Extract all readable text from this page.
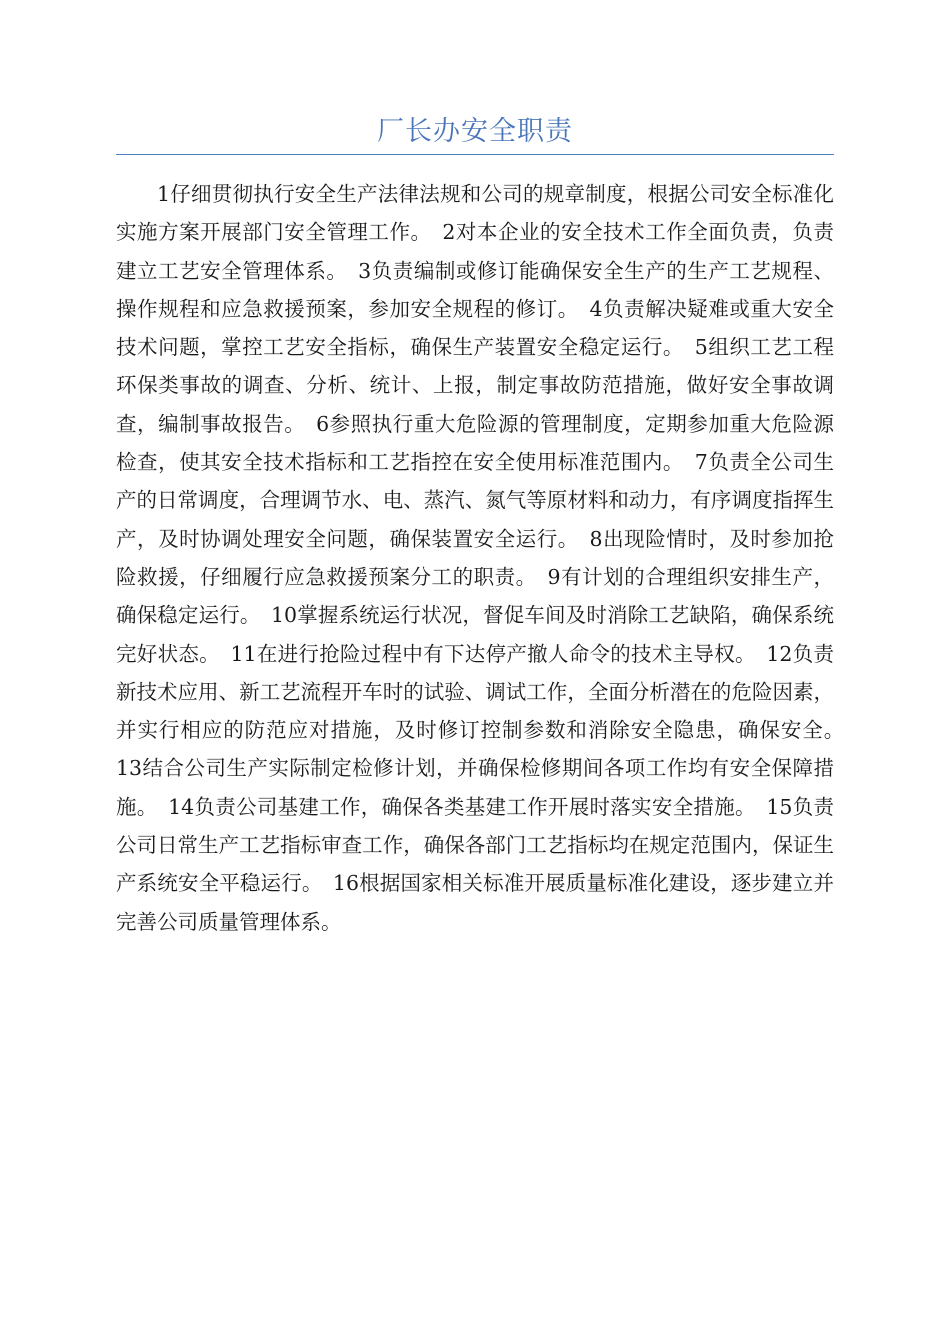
厂长办安全职责

1仔细贯彻执行安全生产法律法规和公司的规章制度，根据公司安全标准化实施方案开展部门安全管理工作。　2对本企业的安全技术工作全面负责，负责建立工艺安全管理体系。　3负责编制或修订能确保安全生产的生产工艺规程、操作规程和应急救援预案，参加安全规程的修订。　4负责解决疑难或重大安全技术问题，掌控工艺安全指标，确保生产装置安全稳定运行。　5组织工艺工程环保类事故的调查、分析、统计、上报，制定事故防范措施，做好安全事故调查，编制事故报告。　6参照执行重大危险源的管理制度，定期参加重大危险源检查，使其安全技术指标和工艺指控在安全使用标准范围内。　7负责全公司生产的日常调度，合理调节水、电、蒸汽、氮气等原材料和动力，有序调度指挥生产，及时协调处理安全问题，确保装置安全运行。　8出现险情时，及时参加抢险救援，仔细履行应急救援预案分工的职责。　9有计划的合理组织安排生产，确保稳定运行。　10掌握系统运行状况，督促车间及时消除工艺缺陷，确保系统完好状态。　11在进行抢险过程中有下达停产撤人命令的技术主导权。　12负责新技术应用、新工艺流程开车时的试验、调试工作，全面分析潜在的危险因素，并实行相应的防范应对措施，及时修订控制参数和消除安全隐患，确保安全。　13结合公司生产实际制定检修计划，并确保检修期间各项工作均有安全保障措施。　14负责公司基建工作，确保各类基建工作开展时落实安全措施。　15负责公司日常生产工艺指标审查工作，确保各部门工艺指标均在规定范围内，保证生产系统安全平稳运行。　16根据国家相关标准开展质量标准化建设，逐步建立并完善公司质量管理体系。
